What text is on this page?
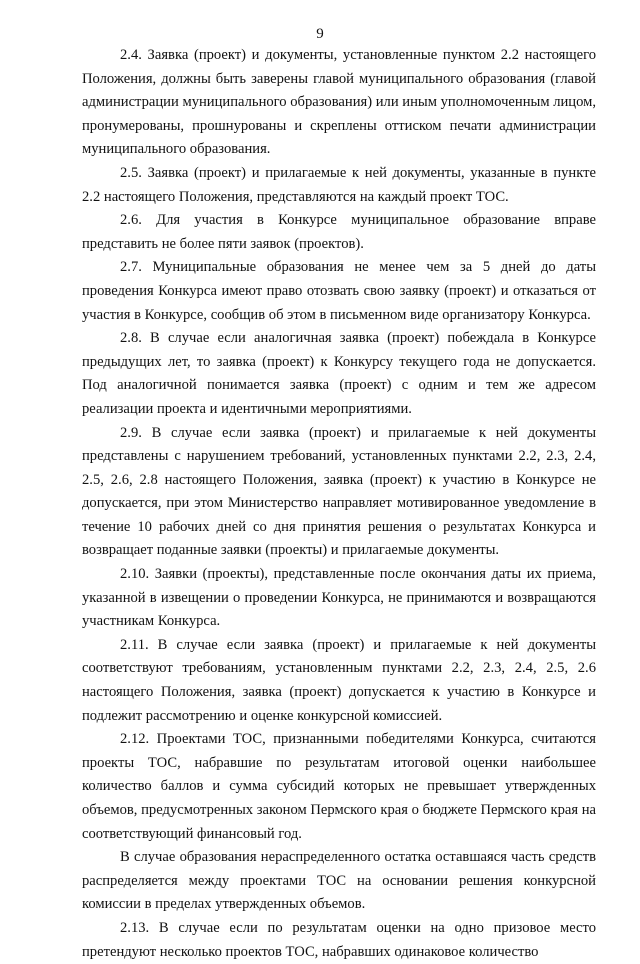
9

2.4. Заявка (проект) и документы, установленные пунктом 2.2 настоящего Положения, должны быть заверены главой муниципального образования (главой администрации муниципального образования) или иным уполномоченным лицом, пронумерованы, прошнурованы и скреплены оттиском печати администрации муниципального образования.

2.5. Заявка (проект) и прилагаемые к ней документы, указанные в пункте 2.2 настоящего Положения, представляются на каждый проект ТОС.

2.6. Для участия в Конкурсе муниципальное образование вправе представить не более пяти заявок (проектов).

2.7. Муниципальные образования не менее чем за 5 дней до даты проведения Конкурса имеют право отозвать свою заявку (проект) и отказаться от участия в Конкурсе, сообщив об этом в письменном виде организатору Конкурса.

2.8. В случае если аналогичная заявка (проект) побеждала в Конкурсе предыдущих лет, то заявка (проект) к Конкурсу текущего года не допускается. Под аналогичной понимается заявка (проект) с одним и тем же адресом реализации проекта и идентичными мероприятиями.

2.9. В случае если заявка (проект) и прилагаемые к ней документы представлены с нарушением требований, установленных пунктами 2.2, 2.3, 2.4, 2.5, 2.6, 2.8 настоящего Положения, заявка (проект) к участию в Конкурсе не допускается, при этом Министерство направляет мотивированное уведомление в течение 10 рабочих дней со дня принятия решения о результатах Конкурса и возвращает поданные заявки (проекты) и прилагаемые документы.

2.10. Заявки (проекты), представленные после окончания даты их приема, указанной в извещении о проведении Конкурса, не принимаются и возвращаются участникам Конкурса.

2.11. В случае если заявка (проект) и прилагаемые к ней документы соответствуют требованиям, установленным пунктами 2.2, 2.3, 2.4, 2.5, 2.6 настоящего Положения, заявка (проект) допускается к участию в Конкурсе и подлежит рассмотрению и оценке конкурсной комиссией.

2.12. Проектами ТОС, признанными победителями Конкурса, считаются проекты ТОС, набравшие по результатам итоговой оценки наибольшее количество баллов и сумма субсидий которых не превышает утвержденных объемов, предусмотренных законом Пермского края о бюджете Пермского края на соответствующий финансовый год.

В случае образования нераспределенного остатка оставшаяся часть средств распределяется между проектами ТОС на основании решения конкурсной комиссии в пределах утвержденных объемов.

2.13. В случае если по результатам оценки на одно призовое место претендуют несколько проектов ТОС, набравших одинаковое количество
